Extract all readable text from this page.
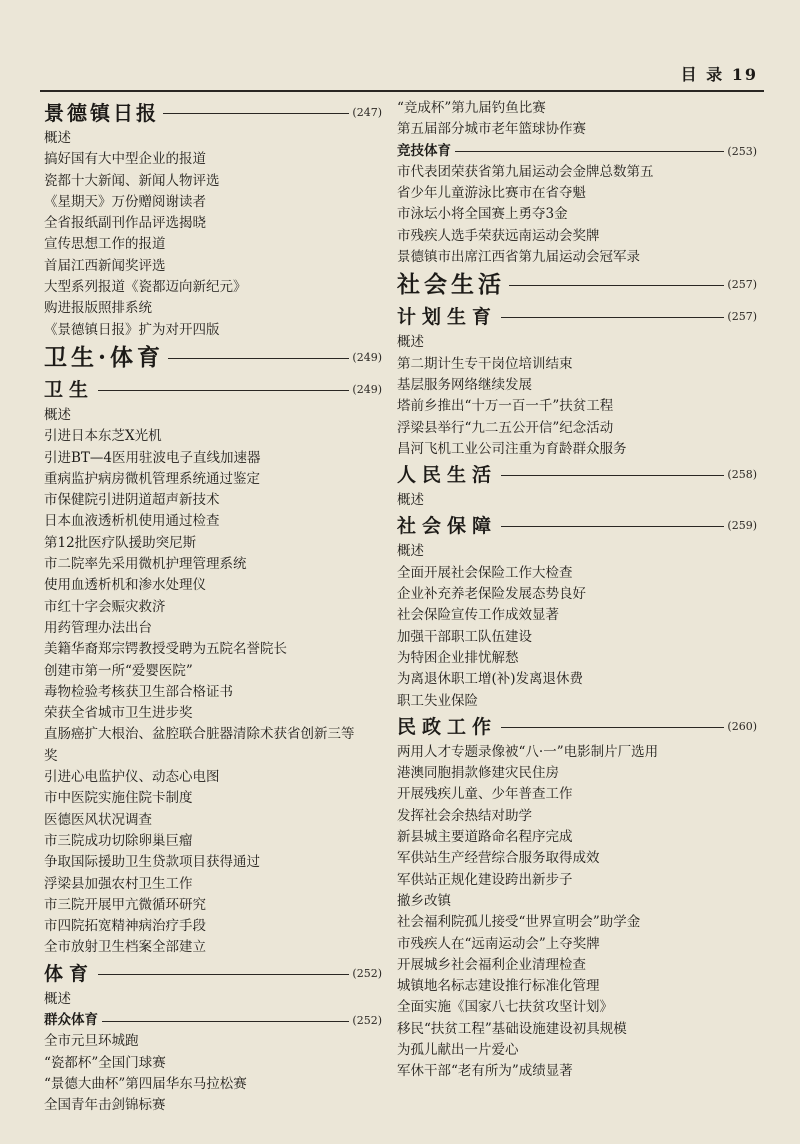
目 录 19
景德镇日报	(247)
概述
搞好国有大中型企业的报道
瓷都十大新闻、新闻人物评选
《星期天》万份赠阅谢读者
全省报纸副刊作品评选揭晓
宣传思想工作的报道
首届江西新闻奖评选
大型系列报道《瓷都迈向新纪元》
购进报版照排系统
《景德镇日报》扩为对开四版
卫生·体育	(249)
卫生	(249)
概述
引进日本东芝X光机
引进BT—4医用驻波电子直线加速器
重病监护病房微机管理系统通过鉴定
市保健院引进阴道超声新技术
日本血液透析机使用通过检查
第12批医疗队援助突尼斯
市二院率先采用微机护理管理系统
使用血透析机和渗水处理仪
市红十字会赈灾救济
用药管理办法出台
美籍华裔郑宗锷教授受聘为五院名誉院长
创建市第一所“爱婴医院”
毒物检验考核获卫生部合格证书
荣获全省城市卫生进步奖
直肠癌扩大根治、盆腔联合脏器清除术获省创新三等
奖
引进心电监护仪、动态心电图
市中医院实施住院卡制度
医德医风状况调查
市三院成功切除卵巢巨瘤
争取国际援助卫生贷款项目获得通过
浮梁县加强农村卫生工作
市三院开展甲亢微循环研究
市四院拓宽精神病治疗手段
全市放射卫生档案全部建立
体育	(252)
概述
群众体育	(252)
全市元旦环城跑
“瓷都杯”全国门球赛
“景德大曲杯”第四届华东马拉松赛
全国青年击剑锦标赛
“竞成杯”第九届钓鱼比赛
第五届部分城市老年篮球协作赛
竞技体育	(253)
市代表团荣获省第九届运动会金牌总数第五
省少年儿童游泳比赛市在省夺魁
市泳坛小将全国赛上勇夺3金
市残疾人选手荣获远南运动会奖牌
景德镇市出席江西省第九届运动会冠军录
社会生活	(257)
计划生育	(257)
概述
第二期计生专干岗位培训结束
基层服务网络继续发展
塔前乡推出“十万一百一千”扶贫工程
浮梁县举行“九二五公开信”纪念活动
昌河飞机工业公司注重为育龄群众服务
人民生活	(258)
概述
社会保障	(259)
概述
全面开展社会保险工作大检查
企业补充养老保险发展态势良好
社会保险宣传工作成效显著
加强干部职工队伍建设
为特困企业排忧解愁
为离退休职工增(补)发离退休费
职工失业保险
民政工作	(260)
两用人才专题录像被“八·一”电影制片厂选用
港澳同胞捐款修建灾民住房
开展残疾儿童、少年普查工作
发挥社会余热结对助学
新县城主要道路命名程序完成
军供站生产经营综合服务取得成效
军供站正规化建设跨出新步子
撤乡改镇
社会福利院孤儿接受“世界宣明会”助学金
市残疾人在“远南运动会”上夺奖牌
开展城乡社会福利企业清理检查
城镇地名标志建设推行标准化管理
全面实施《国家八七扶贫攻坚计划》
移民“扶贫工程”基础设施建设初具规模
为孤儿献出一片爱心
军休干部“老有所为”成绩显著
